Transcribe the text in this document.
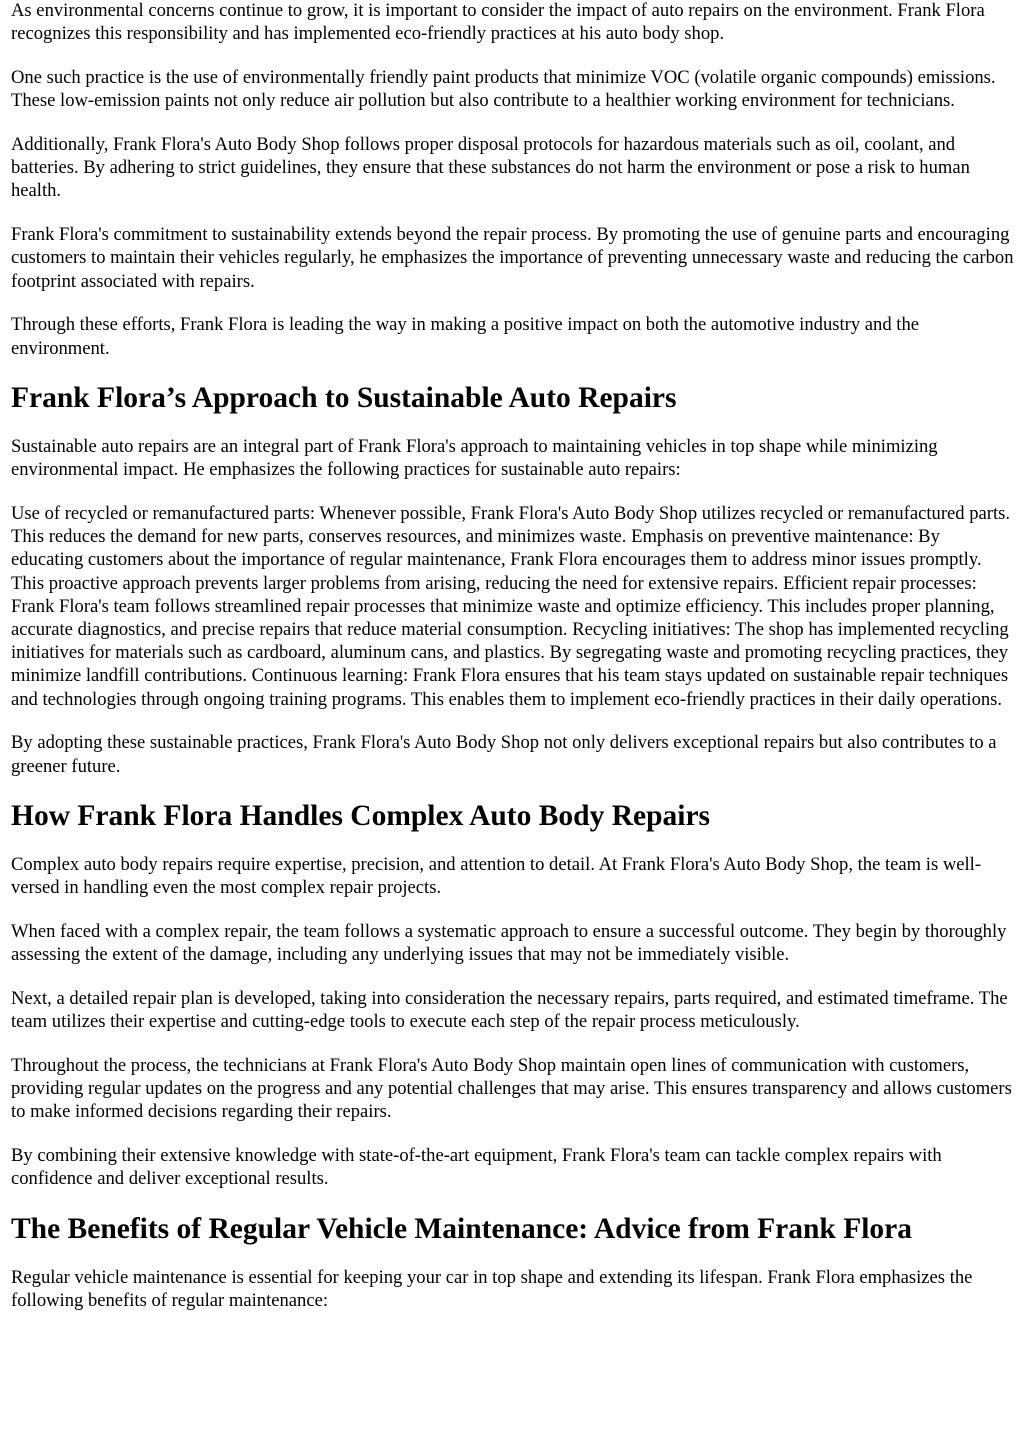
As environmental concerns continue to grow, it is important to consider the impact of auto repairs on the environment. Frank Flora recognizes this responsibility and has implemented eco-friendly practices at his auto body shop.

One such practice is the use of environmentally friendly paint products that minimize VOC (volatile organic compounds) emissions. These low-emission paints not only reduce air pollution but also contribute to a healthier working environment for technicians.

Additionally, Frank Flora's Auto Body Shop follows proper disposal protocols for hazardous materials such as oil, coolant, and batteries. By adhering to strict guidelines, they ensure that these substances do not harm the environment or pose a risk to human health.

Frank Flora's commitment to sustainability extends beyond the repair process. By promoting the use of genuine parts and encouraging customers to maintain their vehicles regularly, he emphasizes the importance of preventing unnecessary waste and reducing the carbon footprint associated with repairs.

Through these efforts, Frank Flora is leading the way in making a positive impact on both the automotive industry and the environment.

Frank Flora’s Approach to Sustainable Auto Repairs

Sustainable auto repairs are an integral part of Frank Flora's approach to maintaining vehicles in top shape while minimizing environmental impact. He emphasizes the following practices for sustainable auto repairs:

Use of recycled or remanufactured parts: Whenever possible, Frank Flora's Auto Body Shop utilizes recycled or remanufactured parts. This reduces the demand for new parts, conserves resources, and minimizes waste. Emphasis on preventive maintenance: By educating customers about the importance of regular maintenance, Frank Flora encourages them to address minor issues promptly. This proactive approach prevents larger problems from arising, reducing the need for extensive repairs. Efficient repair processes: Frank Flora's team follows streamlined repair processes that minimize waste and optimize efficiency. This includes proper planning, accurate diagnostics, and precise repairs that reduce material consumption. Recycling initiatives: The shop has implemented recycling initiatives for materials such as cardboard, aluminum cans, and plastics. By segregating waste and promoting recycling practices, they minimize landfill contributions. Continuous learning: Frank Flora ensures that his team stays updated on sustainable repair techniques and technologies through ongoing training programs. This enables them to implement eco-friendly practices in their daily operations.

By adopting these sustainable practices, Frank Flora's Auto Body Shop not only delivers exceptional repairs but also contributes to a greener future.

How Frank Flora Handles Complex Auto Body Repairs

Complex auto body repairs require expertise, precision, and attention to detail. At Frank Flora's Auto Body Shop, the team is well-versed in handling even the most complex repair projects.

When faced with a complex repair, the team follows a systematic approach to ensure a successful outcome. They begin by thoroughly assessing the extent of the damage, including any underlying issues that may not be immediately visible.

Next, a detailed repair plan is developed, taking into consideration the necessary repairs, parts required, and estimated timeframe. The team utilizes their expertise and cutting-edge tools to execute each step of the repair process meticulously.

Throughout the process, the technicians at Frank Flora's Auto Body Shop maintain open lines of communication with customers, providing regular updates on the progress and any potential challenges that may arise. This ensures transparency and allows customers to make informed decisions regarding their repairs.

By combining their extensive knowledge with state-of-the-art equipment, Frank Flora's team can tackle complex repairs with confidence and deliver exceptional results.

The Benefits of Regular Vehicle Maintenance: Advice from Frank Flora

Regular vehicle maintenance is essential for keeping your car in top shape and extending its lifespan. Frank Flora emphasizes the following benefits of regular maintenance:
